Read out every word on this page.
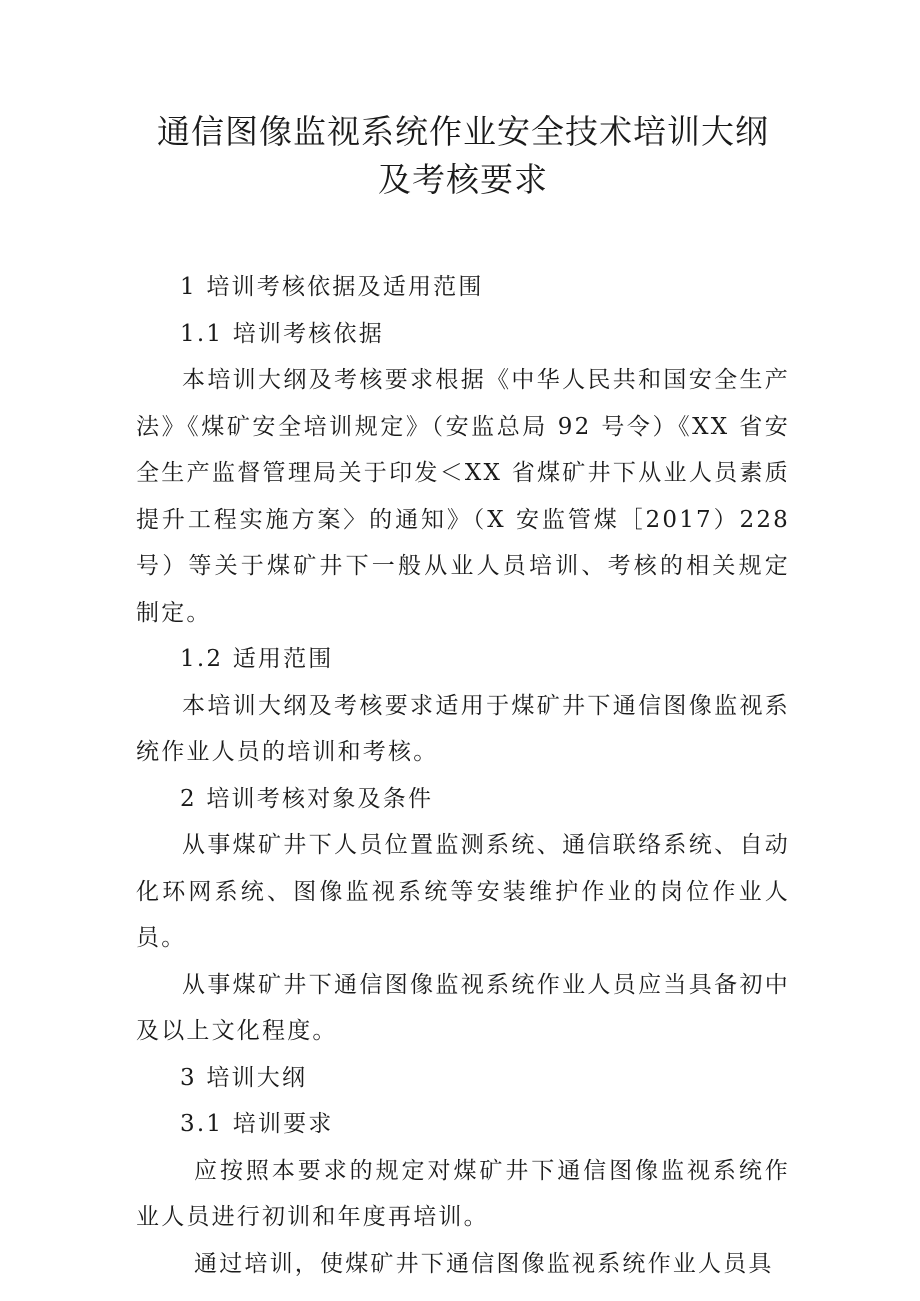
通信图像监视系统作业安全技术培训大纲
及考核要求

1 培训考核依据及适用范围

1.1 培训考核依据

本培训大纲及考核要求根据《中华人民共和国安全生产法》《煤矿安全培训规定》（安监总局 92 号令）《XX 省安全生产监督管理局关于印发＜XX 省煤矿井下从业人员素质提升工程实施方案〉的通知》（X 安监管煤［2017）228 号）等关于煤矿井下一般从业人员培训、考核的相关规定制定。

1.2 适用范围

本培训大纲及考核要求适用于煤矿井下通信图像监视系统作业人员的培训和考核。

2 培训考核对象及条件

从事煤矿井下人员位置监测系统、通信联络系统、自动化环网系统、图像监视系统等安装维护作业的岗位作业人员。

从事煤矿井下通信图像监视系统作业人员应当具备初中及以上文化程度。

3 培训大纲

3.1 培训要求

应按照本要求的规定对煤矿井下通信图像监视系统作业人员进行初训和年度再培训。

通过培训，使煤矿井下通信图像监视系统作业人员具
